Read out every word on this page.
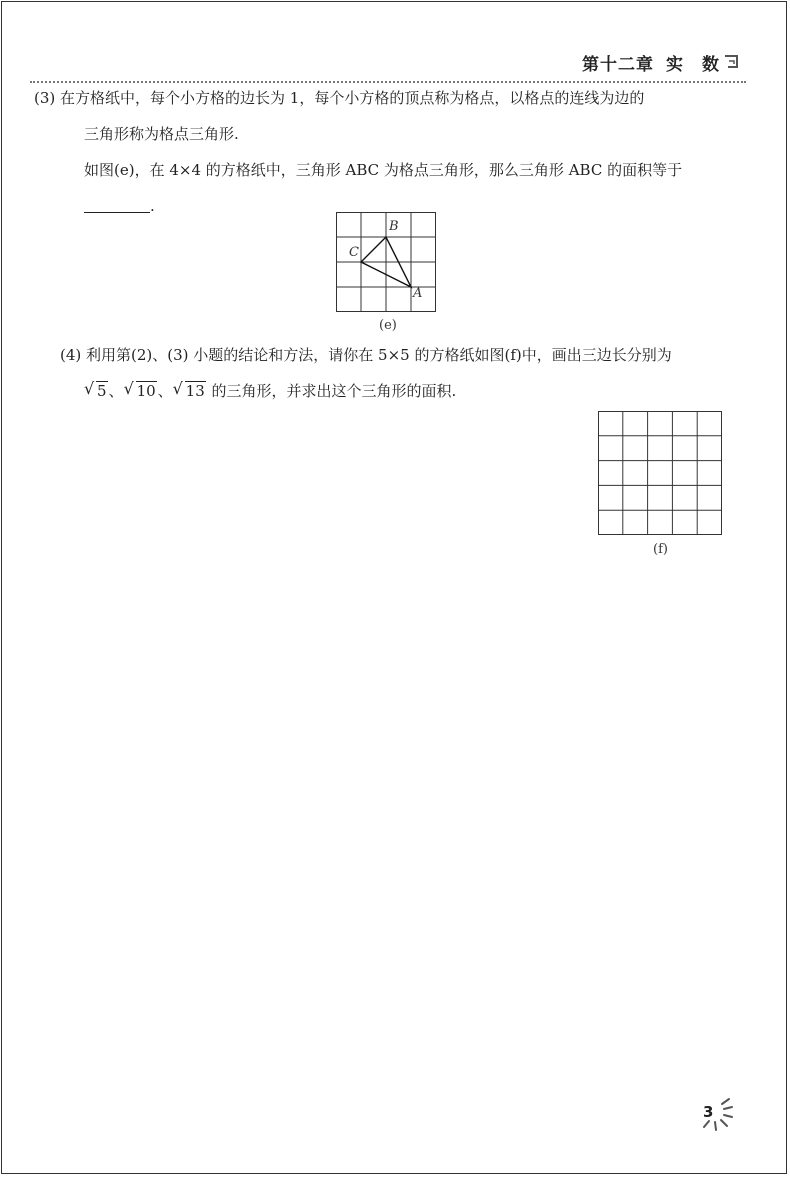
第十二章 实　数

(3) 在方格纸中，每个小方格的边长为 1，每个小方格的顶点称为格点，以格点的连线为边的

三角形称为格点三角形.

如图(e)，在 4×4 的方格纸中，三角形 ABC 为格点三角形，那么三角形 ABC 的面积等于

.

B
C
A
(e)

(4) 利用第(2)、(3) 小题的结论和方法，请你在 5×5 的方格纸如图(f)中，画出三边长分别为

√ 5 、 √ 10 、 √ 13 的三角形，并求出这个三角形的面积.

(f)
3
